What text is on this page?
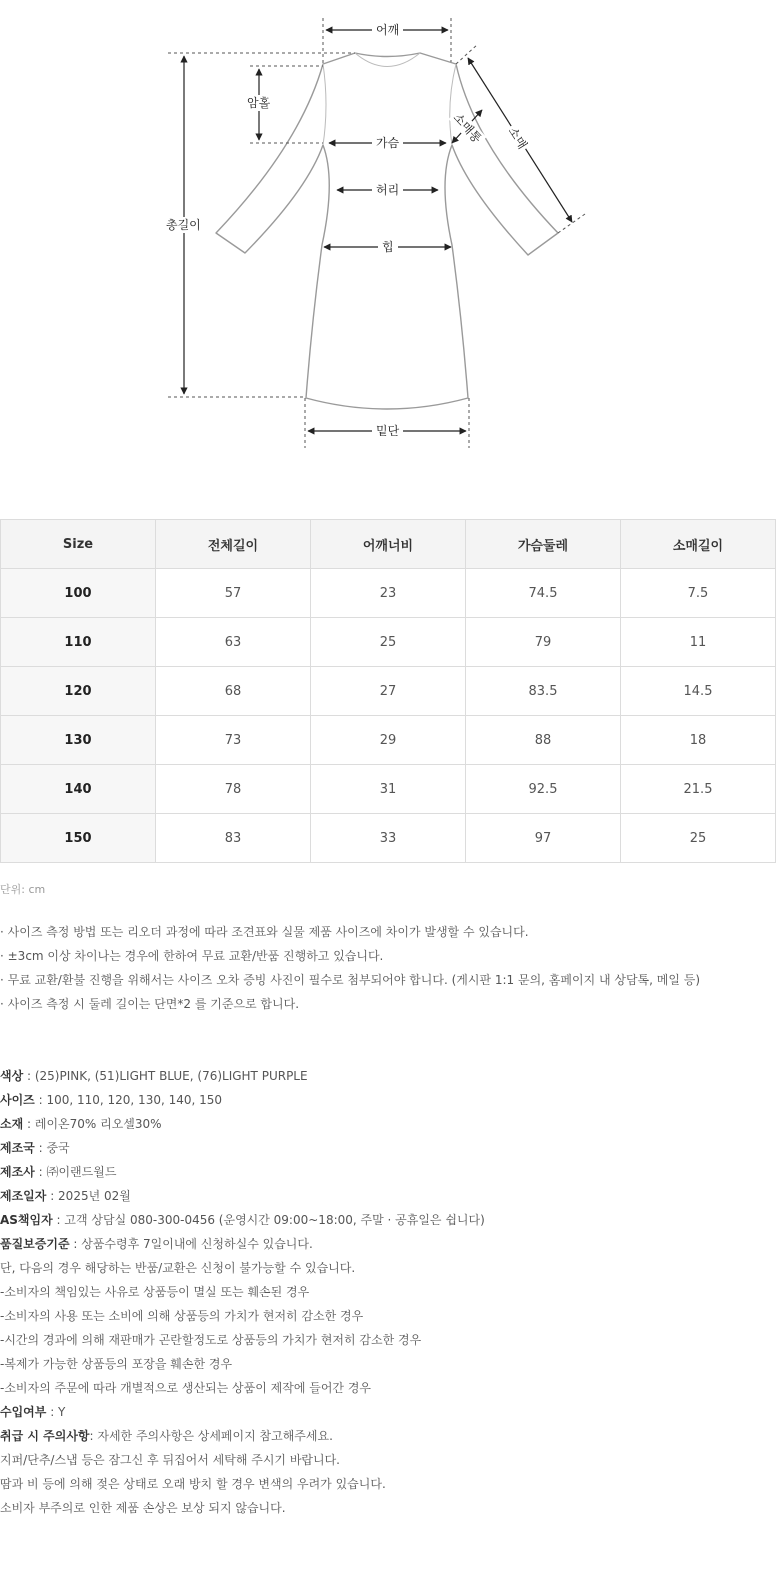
어깨
암홀
가슴
허리
힙
총길이
밑단
소매
소매통
Size	전체길이	어깨너비	가슴둘레	소매길이
100	57	23	74.5	7.5
110	63	25	79	11
120	68	27	83.5	14.5
130	73	29	88	18
140	78	31	92.5	21.5
150	83	33	97	25
단위: cm
· 사이즈 측정 방법 또는 리오더 과정에 따라 조견표와 실물 제품 사이즈에 차이가 발생할 수 있습니다.
· ±3cm 이상 차이나는 경우에 한하여 무료 교환/반품 진행하고 있습니다.
· 무료 교환/환불 진행을 위해서는 사이즈 오차 증빙 사진이 필수로 첨부되어야 합니다. (게시판 1:1 문의, 홈페이지 내 상담톡, 메일 등)
· 사이즈 측정 시 둘레 길이는 단면*2 를 기준으로 합니다.
색상 : (25)PINK, (51)LIGHT BLUE, (76)LIGHT PURPLE
사이즈 : 100, 110, 120, 130, 140, 150
소재 : 레이온70% 리오셀30%
제조국 : 중국
제조사 : ㈜이랜드월드
제조일자 : 2025년 02월
AS책임자 : 고객 상담실 080-300-0456 (운영시간 09:00~18:00, 주말 · 공휴일은 쉽니다)
품질보증기준 : 상품수령후 7일이내에 신청하실수 있습니다.
단, 다음의 경우 해당하는 반품/교환은 신청이 불가능할 수 있습니다.
-소비자의 책임있는 사유로 상품등이 멸실 또는 훼손된 경우
-소비자의 사용 또는 소비에 의해 상품등의 가치가 현저히 감소한 경우
-시간의 경과에 의해 재판매가 곤란할정도로 상품등의 가치가 현저히 감소한 경우
-복제가 가능한 상품등의 포장을 훼손한 경우
-소비자의 주문에 따라 개별적으로 생산되는 상품이 제작에 들어간 경우
수입여부 : Y
취급 시 주의사항: 자세한 주의사항은 상세페이지 참고해주세요.
지퍼/단추/스냅 등은 잠그신 후 뒤집어서 세탁해 주시기 바랍니다.
땀과 비 등에 의해 젖은 상태로 오래 방치 할 경우 변색의 우려가 있습니다.
소비자 부주의로 인한 제품 손상은 보상 되지 않습니다.
